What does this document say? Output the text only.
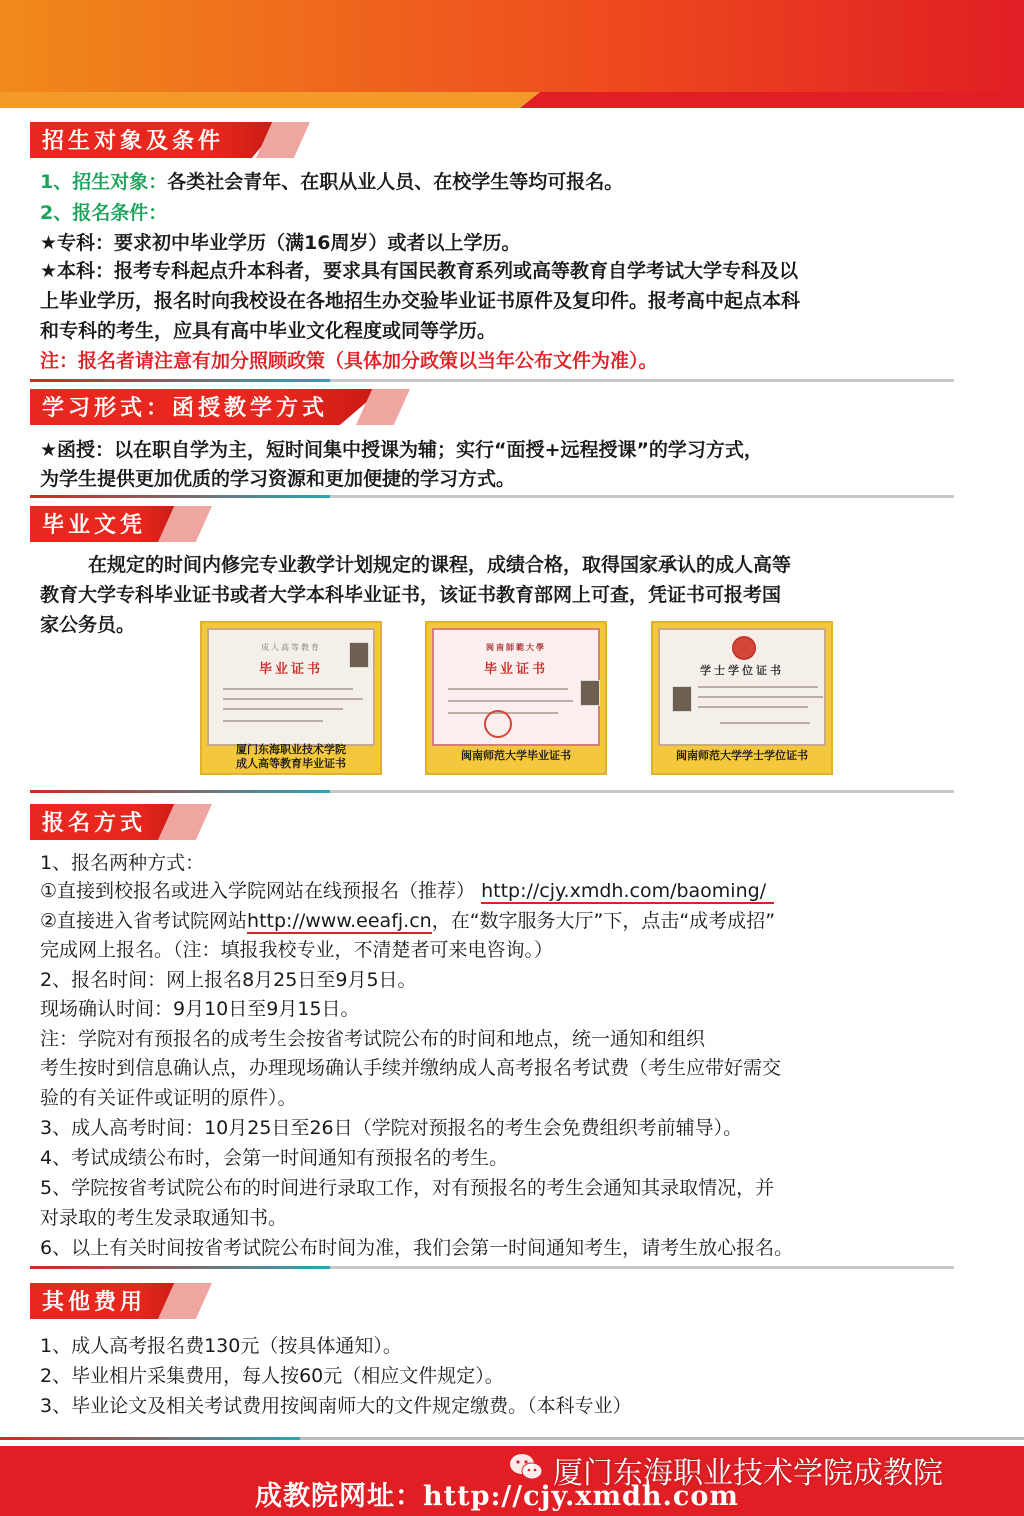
招生对象及条件
1、招生对象：各类社会青年、在职从业人员、在校学生等均可报名。
2、报名条件：
★专科：要求初中毕业学历（满16周岁）或者以上学历。
★本科：报考专科起点升本科者，要求具有国民教育系列或高等教育自学考试大学专科及以
上毕业学历，报名时向我校设在各地招生办交验毕业证书原件及复印件。报考高中起点本科
和专科的考生，应具有高中毕业文化程度或同等学历。
注：报名者请注意有加分照顾政策（具体加分政策以当年公布文件为准）。
学习形式：函授教学方式
★函授：以在职自学为主，短时间集中授课为辅；实行“面授+远程授课”的学习方式，
为学生提供更加优质的学习资源和更加便捷的学习方式。
毕业文凭
在规定的时间内修完专业教学计划规定的课程，成绩合格，取得国家承认的成人高等
教育大学专科毕业证书或者大学本科毕业证书，该证书教育部网上可查，凭证书可报考国
家公务员。
成人高等教育
毕业证书
厦门东海职业技术学院
成人高等教育毕业证书
闽南師範大學
毕业证书
闽南师范大学毕业证书
学士学位证书
闽南师范大学学士学位证书
报名方式
1、报名两种方式：
①直接到校报名或进入学院网站在线预报名（推荐） http://cjy.xmdh.com/baoming/
②直接进入省考试院网站http://www.eeafj.cn，在“数字服务大厅”下，点击“成考成招”
完成网上报名。（注：填报我校专业，不清楚者可来电咨询。）
2、报名时间：网上报名8月25日至9月5日。
现场确认时间：9月10日至9月15日。
注：学院对有预报名的成考生会按省考试院公布的时间和地点，统一通知和组织
考生按时到信息确认点，办理现场确认手续并缴纳成人高考报名考试费（考生应带好需交
验的有关证件或证明的原件）。
3、成人高考时间：10月25日至26日（学院对预报名的考生会免费组织考前辅导）。
4、考试成绩公布时，会第一时间通知有预报名的考生。
5、学院按省考试院公布的时间进行录取工作，对有预报名的考生会通知其录取情况，并
对录取的考生发录取通知书。
6、以上有关时间按省考试院公布时间为准，我们会第一时间通知考生，请考生放心报名。
其他费用
1、成人高考报名费130元（按具体通知）。
2、毕业相片采集费用，每人按60元（相应文件规定）。
3、毕业论文及相关考试费用按闽南师大的文件规定缴费。（本科专业）
厦门东海职业技术学院成教院
成教院网址：http://cjy.xmdh.com
